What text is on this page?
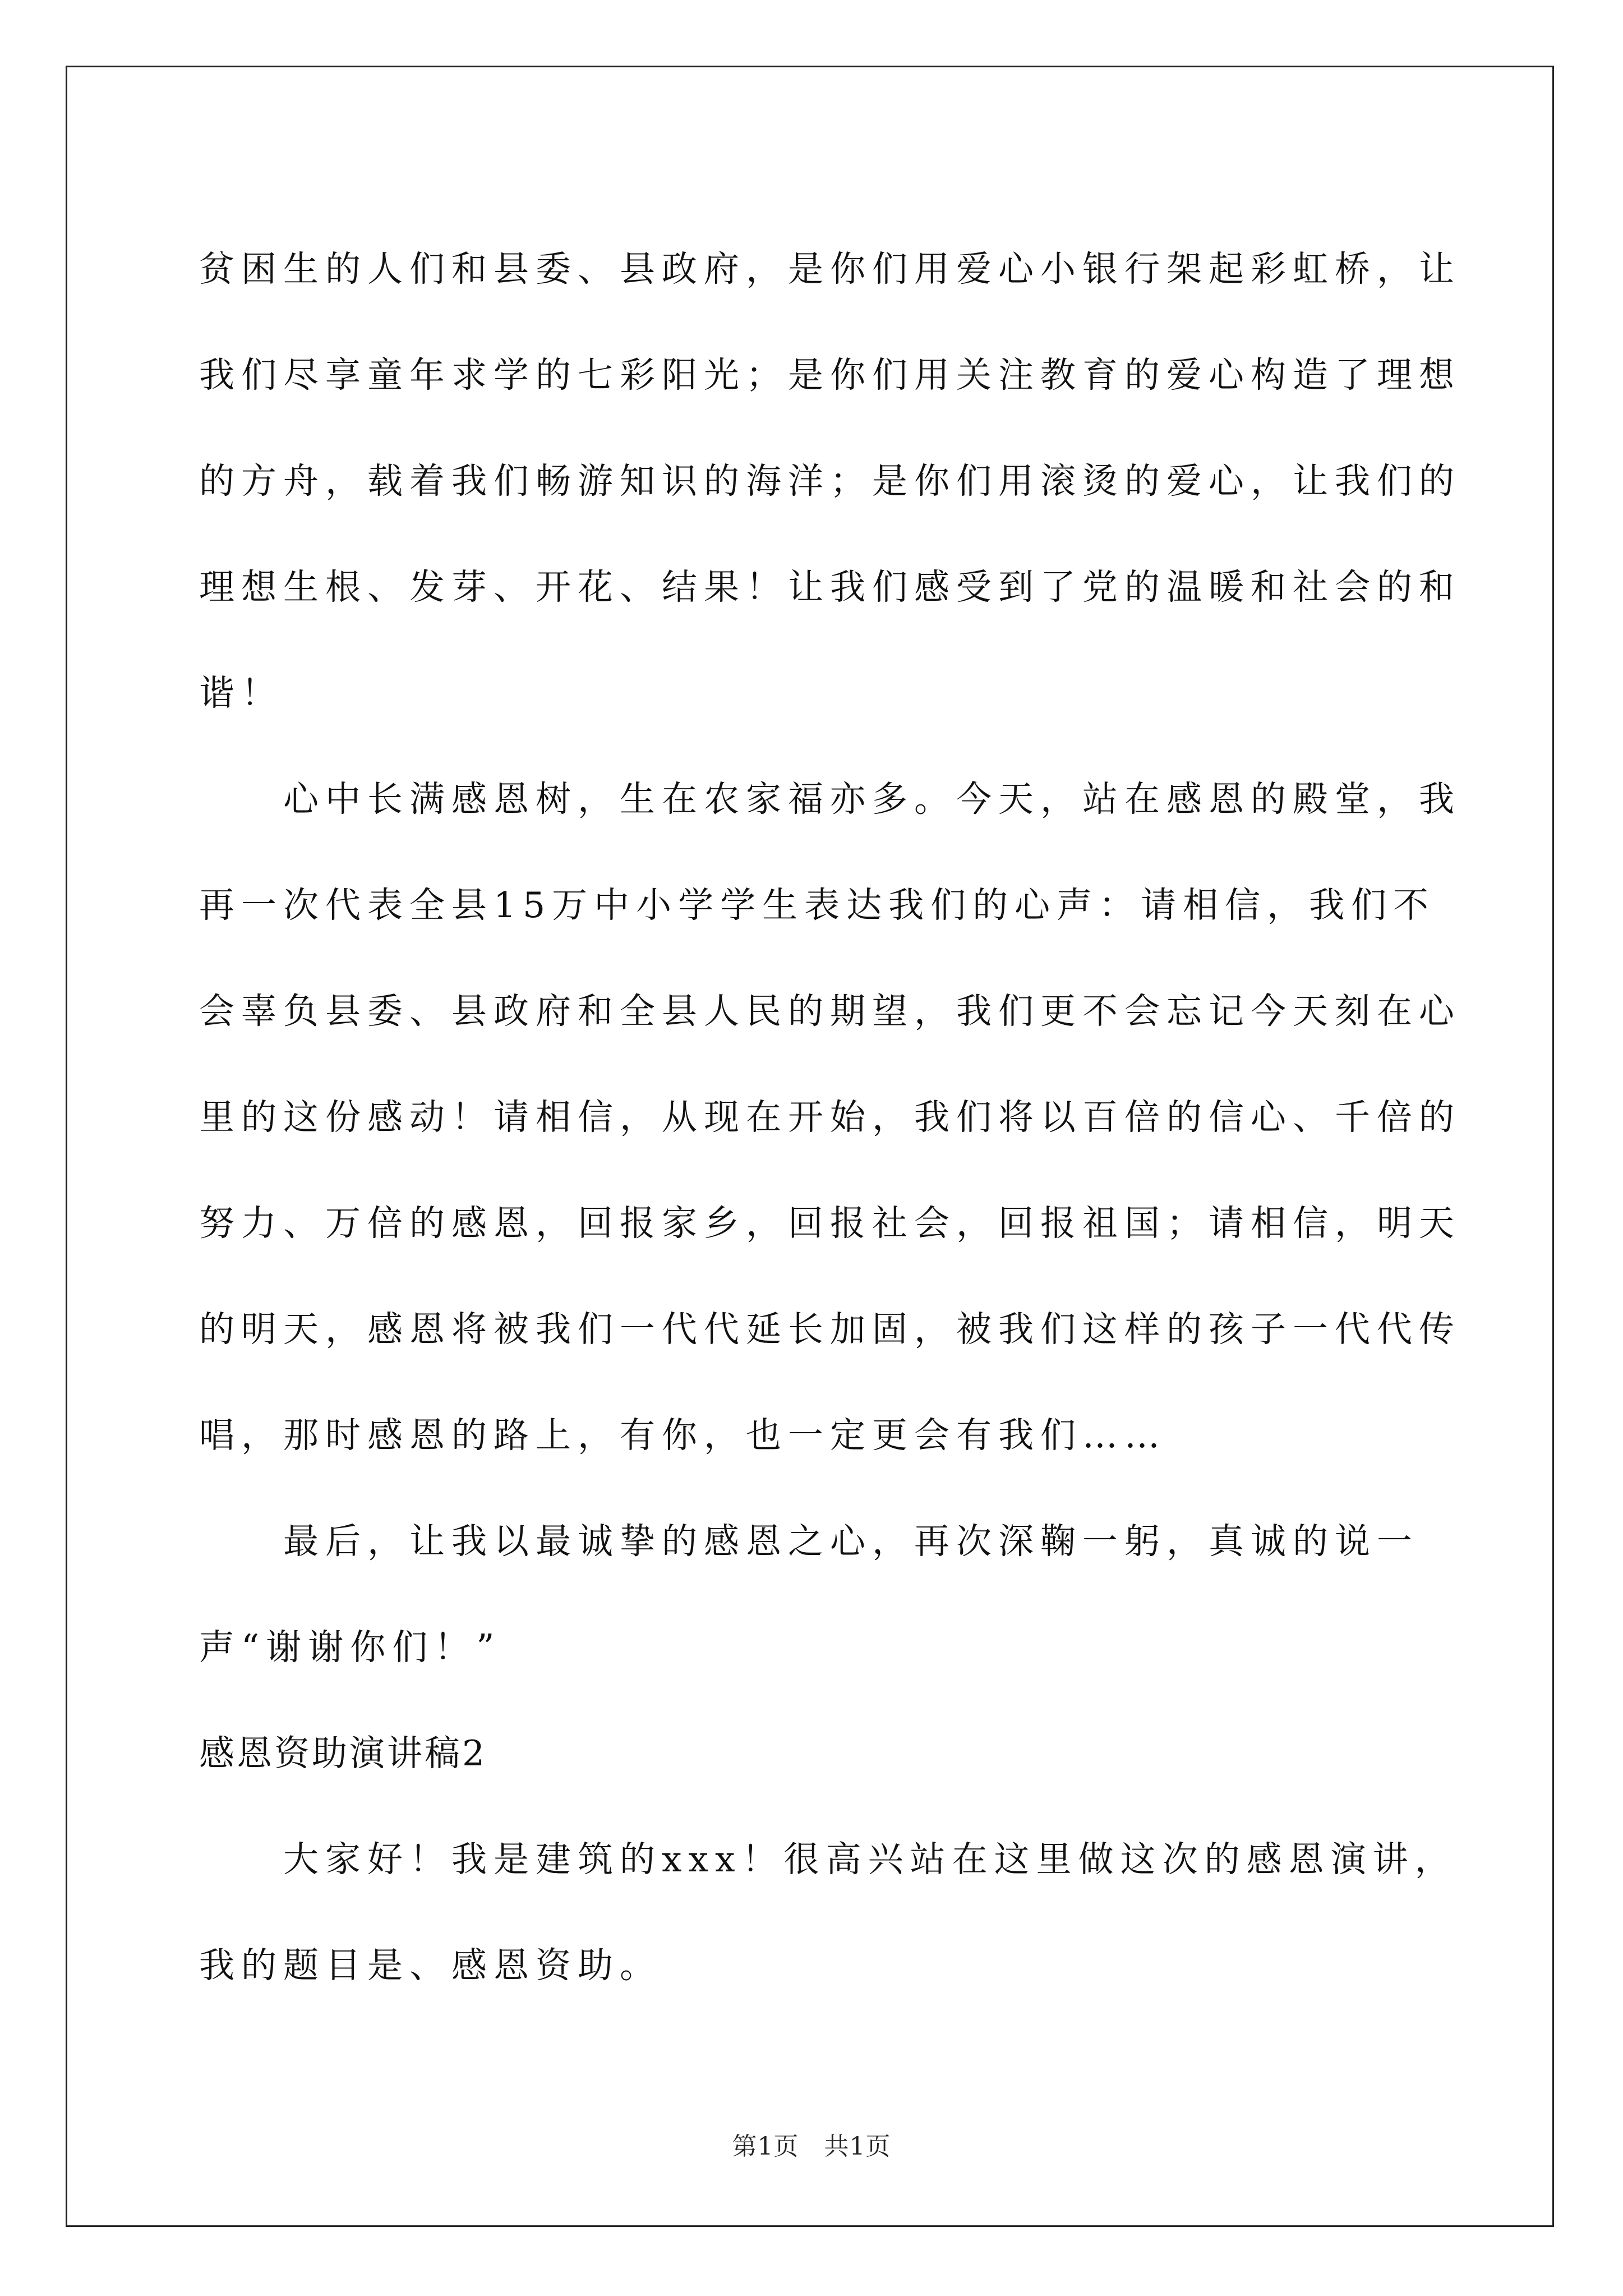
贫困生的人们和县委、县政府，是你们用爱心小银行架起彩虹桥，让我们尽享童年求学的七彩阳光；是你们用关注教育的爱心构造了理想的方舟，载着我们畅游知识的海洋；是你们用滚烫的爱心，让我们的理想生根、发芽、开花、结果！让我们感受到了党的温暖和社会的和谐！

心中长满感恩树，生在农家福亦多。今天，站在感恩的殿堂，我再一次代表全县15万中小学学生表达我们的心声：请相信，我们不会辜负县委、县政府和全县人民的期望，我们更不会忘记今天刻在心里的这份感动！请相信，从现在开始，我们将以百倍的信心、千倍的努力、万倍的感恩，回报家乡，回报社会，回报祖国；请相信，明天的明天，感恩将被我们一代代延长加固，被我们这样的孩子一代代传唱，那时感恩的路上，有你，也一定更会有我们……

最后，让我以最诚挚的感恩之心，再次深鞠一躬，真诚的说一声“谢谢你们！”

感恩资助演讲稿2

大家好！我是建筑的xxx！很高兴站在这里做这次的感恩演讲，我的题目是、感恩资助。

第1页　共1页
